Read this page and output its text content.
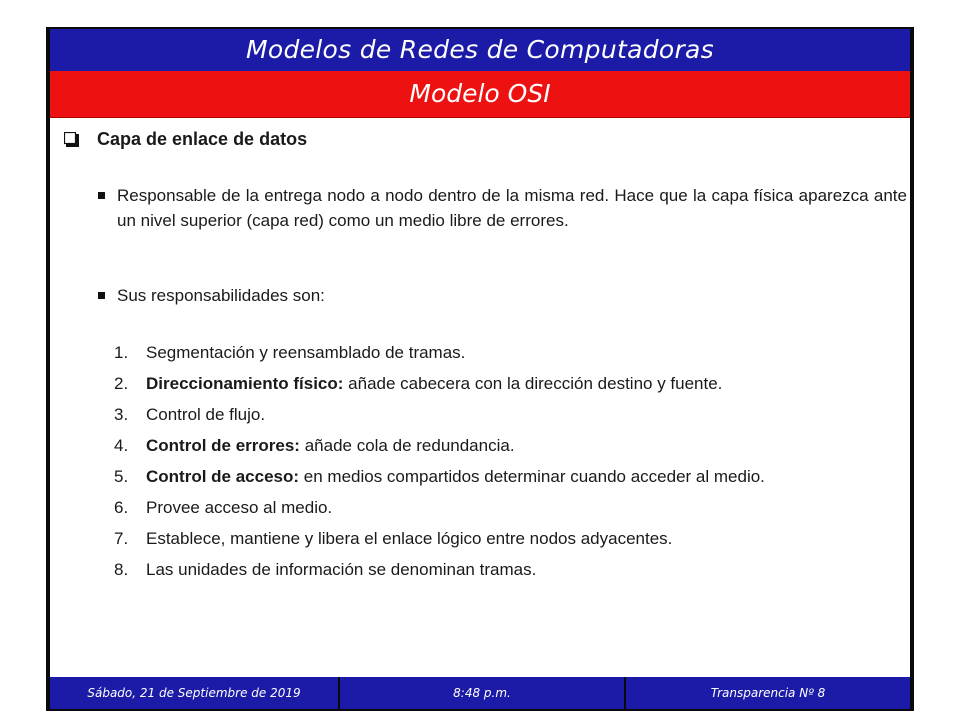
Modelos de Redes de Computadoras
Modelo OSI
Capa de enlace de datos
Responsable de la entrega nodo a nodo dentro de la misma red. Hace que la capa física aparezca ante un nivel superior (capa red) como un medio libre de errores.
Sus responsabilidades son:
1.	Segmentación y reensamblado de tramas.
2.	Direccionamiento físico: añade cabecera con la dirección destino y fuente.
3.	Control de flujo.
4.	Control de errores: añade cola de redundancia.
5.	Control de acceso: en medios compartidos determinar cuando acceder al medio.
6.	Provee acceso al medio.
7.	Establece, mantiene y libera el enlace lógico entre nodos adyacentes.
8.	Las unidades de información se denominan tramas.
Sábado, 21 de Septiembre de 2019	8:48 p.m.	Transparencia Nº 8
